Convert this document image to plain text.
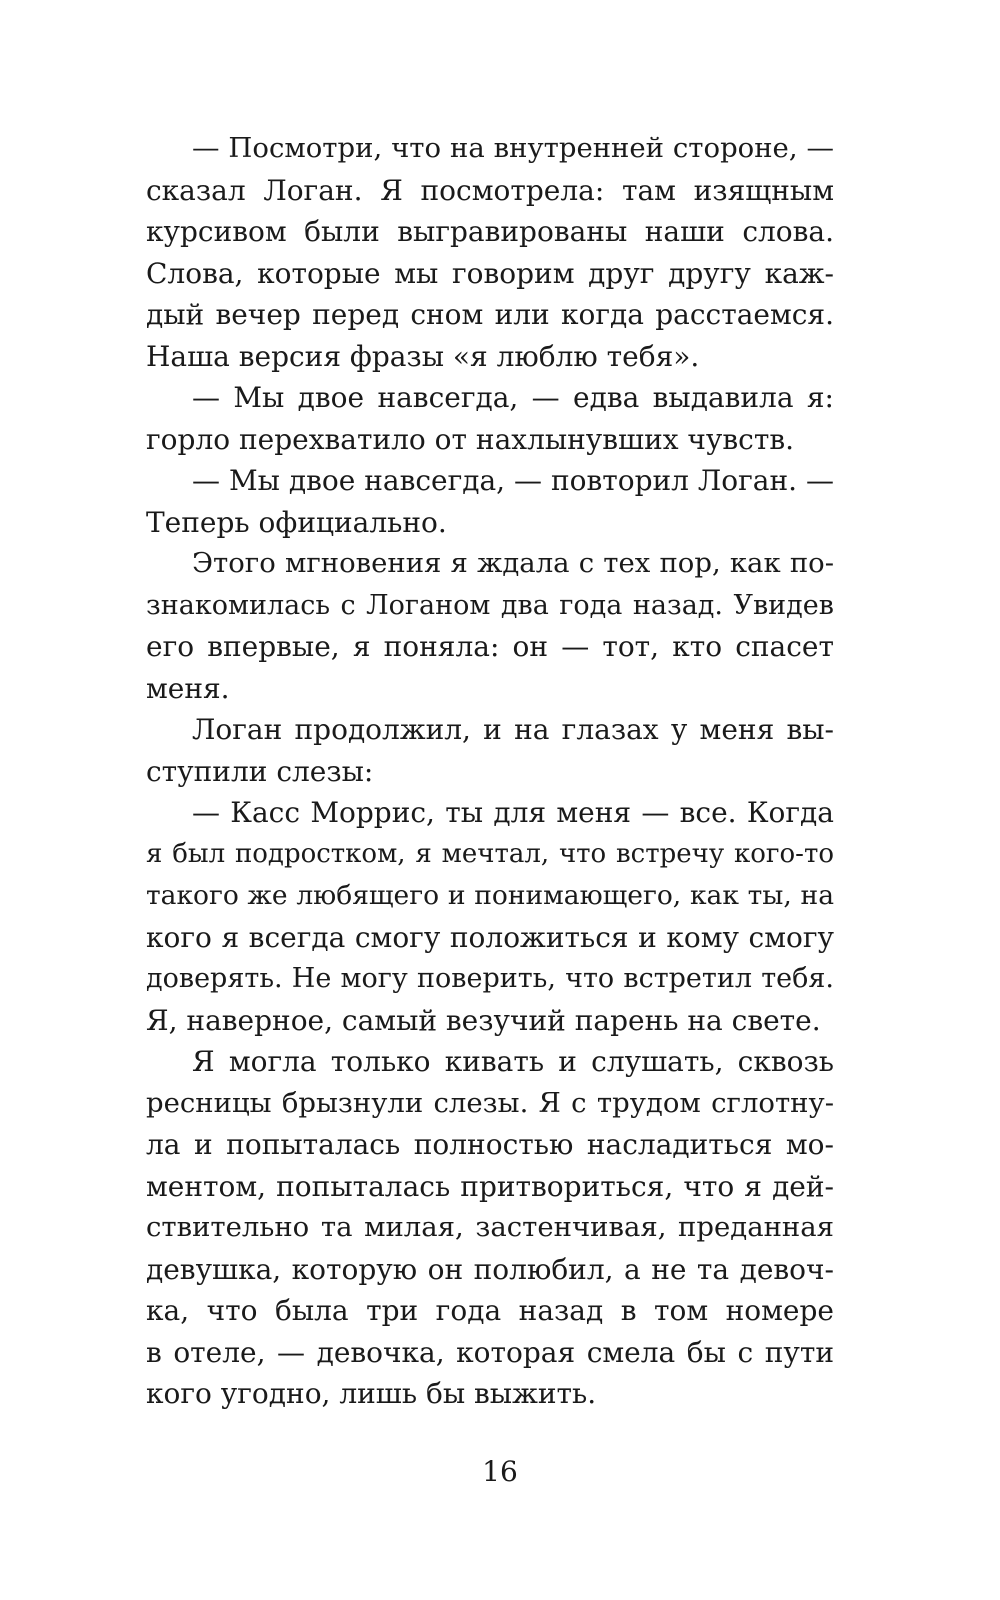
— Посмотри, что на внутренней стороне, —
сказал Логан. Я посмотрела: там изящным
курсивом были выгравированы наши слова.
Слова, которые мы говорим друг другу каж-
дый вечер перед сном или когда расстаемся.
Наша версия фразы «я люблю тебя».
— Мы двое навсегда, — едва выдавила я:
горло перехватило от нахлынувших чувств.
— Мы двое навсегда, — повторил Логан. —
Теперь официально.
Этого мгновения я ждала с тех пор, как по-
знакомилась с Логаном два года назад. Увидев
его впервые, я поняла: он — тот, кто спасет
меня.
Логан продолжил, и на глазах у меня вы-
ступили слезы:
— Касс Моррис, ты для меня — все. Когда
я был подростком, я мечтал, что встречу кого-то
такого же любящего и понимающего, как ты, на
кого я всегда смогу положиться и кому смогу
доверять. Не могу поверить, что встретил тебя.
Я, наверное, самый везучий парень на свете.
Я могла только кивать и слушать, сквозь
ресницы брызнули слезы. Я с трудом сглотну-
ла и попыталась полностью насладиться мо-
ментом, попыталась притвориться, что я дей-
ствительно та милая, застенчивая, преданная
девушка, которую он полюбил, а не та девоч-
ка, что была три года назад в том номере
в отеле, — девочка, которая смела бы с пути
кого угодно, лишь бы выжить.
16
